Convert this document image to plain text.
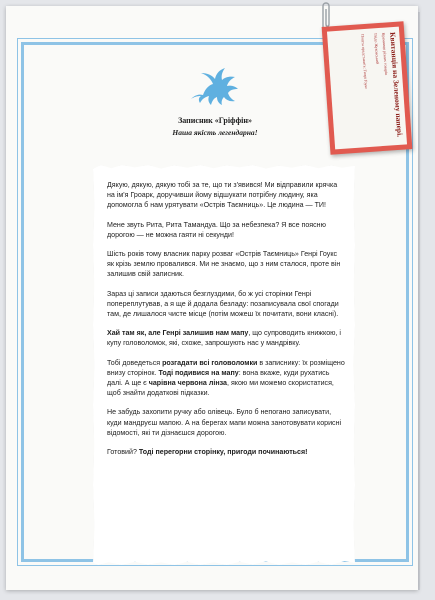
Записник «Гріффін»
Наша якість легендарна!	Квитанція на Зеленому папері.
Крамниця різних товарів
Гвідо Жуковський
Пошта представить: Генрі Гоукс

Дякую, дякую, дякую тобі за те, що ти з'явився! Ми відправили крячка на ім'я Гроарк, доручивши йому відшукати потрібну людину, яка допомогла б нам урятувати «Острів Таємниць». Це людина — ТИ!

Мене звуть Рита, Рита Тамандуа. Що за небезпека? Я все поясню дорогою — не можна гаяти ні секунди!

Шість років тому власник парку розваг «Острів Таємниць» Генрі Гоукс як крізь землю провалився. Ми не знаємо, що з ним сталося, проте він залишив свій записник.

Зараз ці записи здаються безглуздими, бо ж усі сторінки Генрі попереплутував, а я ще й додала безладу: позаписувала свої спогади там, де лишалося чисте місце (потім можеш їх почитати, вони класні).

Хай там як, але Генрі залишив нам мапу, що супроводить книжкою, і купу головоломок, які, схоже, запрошують нас у мандрівку.

Тобі доведеться розгадати всі головоломки в записнику: їх розміщено внизу сторінок. Тоді подивися на мапу: вона вкаже, куди рухатись далі. А ще є чарівна червона лінза, якою ми можемо скористатися, щоб знайти додаткові підказки.

Не забудь захопити ручку або олівець. Було б непогано записувати, куди мандруєш мапою. А на берегах мапи можна занотовувати корисні відомості, які ти дізнаєшся дорогою.

Готовий? Тоді перегорни сторінку, пригоди починаються!
